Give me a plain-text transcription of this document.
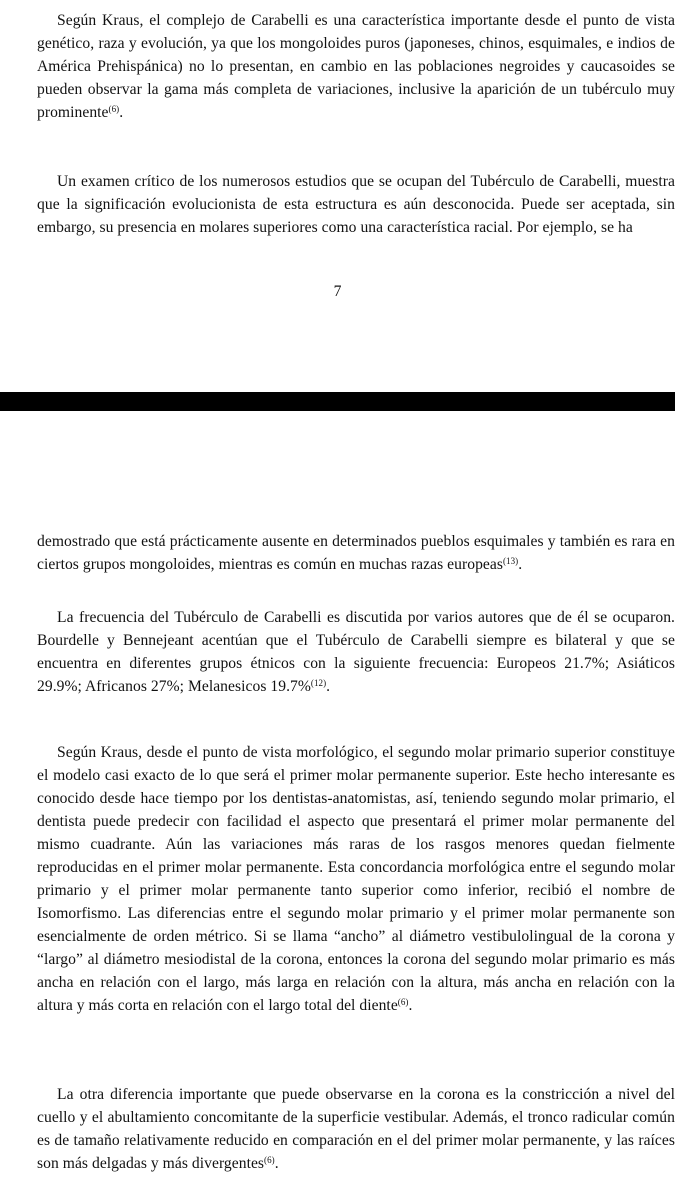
Según Kraus, el complejo de Carabelli es una característica importante desde el punto de vista genético, raza y evolución, ya que los mongoloides puros (japoneses, chinos, esquimales, e indios de América Prehispánica) no lo presentan, en cambio en las poblaciones negroides y caucasoides se pueden observar la gama más completa de variaciones, inclusive la aparición de un tubérculo muy prominente$^{(6)}$.

Un examen crítico de los numerosos estudios que se ocupan del Tubérculo de Carabelli, muestra que la significación evolucionista de esta estructura es aún desconocida. Puede ser aceptada, sin embargo, su presencia en molares superiores como una característica racial. Por ejemplo, se ha

7

demostrado que está prácticamente ausente en determinados pueblos esquimales y también es rara en ciertos grupos mongoloides, mientras es común en muchas razas europeas$^{(13)}$.

La frecuencia del Tubérculo de Carabelli es discutida por varios autores que de él se ocuparon. Bourdelle y Bennejeant acentúan que el Tubérculo de Carabelli siempre es bilateral y que se encuentra en diferentes grupos étnicos con la siguiente frecuencia: Europeos 21.7%; Asiáticos 29.9%; Africanos 27%; Melanesicos 19.7%$^{(12)}$.

Según Kraus, desde el punto de vista morfológico, el segundo molar primario superior constituye el modelo casi exacto de lo que será el primer molar permanente superior. Este hecho interesante es conocido desde hace tiempo por los dentistas-anatomistas, así, teniendo segundo molar primario, el dentista puede predecir con facilidad el aspecto que presentará el primer molar permanente del mismo cuadrante. Aún las variaciones más raras de los rasgos menores quedan fielmente reproducidas en el primer molar permanente. Esta concordancia morfológica entre el segundo molar primario y el primer molar permanente tanto superior como inferior, recibió el nombre de Isomorfismo. Las diferencias entre el segundo molar primario y el primer molar permanente son esencialmente de orden métrico. Si se llama “ancho” al diámetro vestibulolingual de la corona y “largo” al diámetro mesiodistal de la corona, entonces la corona del segundo molar primario es más ancha en relación con el largo, más larga en relación con la altura, más ancha en relación con la altura y más corta en relación con el largo total del diente$^{(6)}$.

La otra diferencia importante que puede observarse en la corona es la constricción a nivel del cuello y el abultamiento concomitante de la superficie vestibular. Además, el tronco radicular común es de tamaño relativamente reducido en comparación en el del primer molar permanente, y las raíces son más delgadas y más divergentes$^{(6)}$.
